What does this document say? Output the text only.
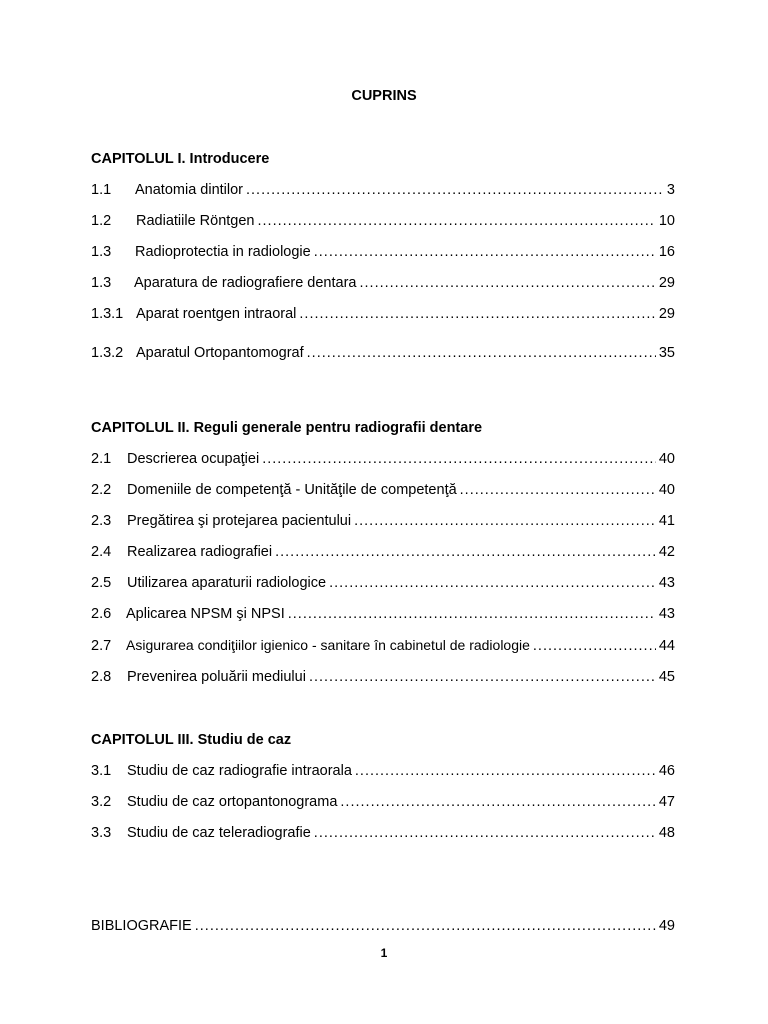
CUPRINS
CAPITOLUL I. Introducere
1.1	Anatomia dintilor .....	3
1.2	Radiatiile Röntgen .....	10
1.3	Radioprotectia in radiologie .....	16
1.3	Aparatura de radiografiere dentara .....	29
1.3.1 Aparat roentgen intraoral .....	29
1.3.2 Aparatul Ortopantomograf .....	35
CAPITOLUL II. Reguli generale pentru radiografii dentare
2.1	Descrierea ocupaţiei .....	40
2.2	Domeniile de competenţă - Unităţile de competenţă .....	40
2.3	Pregătirea şi protejarea pacientului .....	41
2.4	Realizarea radiografiei .....	42
2.5	Utilizarea aparaturii radiologice .....	43
2.6	Aplicarea NPSM şi NPSI .....	43
2.7	Asigurarea condiţiilor igienico - sanitare în cabinetul de radiologie .....	44
2.8	Prevenirea poluării mediului .....	45
CAPITOLUL III. Studiu de caz
3.1	Studiu de caz radiografie intraorala .....	46
3.2	Studiu de caz ortopantonograma .....	47
3.3	Studiu de caz teleradiografie .....	48
BIBLIOGRAFIE .....	49
1
